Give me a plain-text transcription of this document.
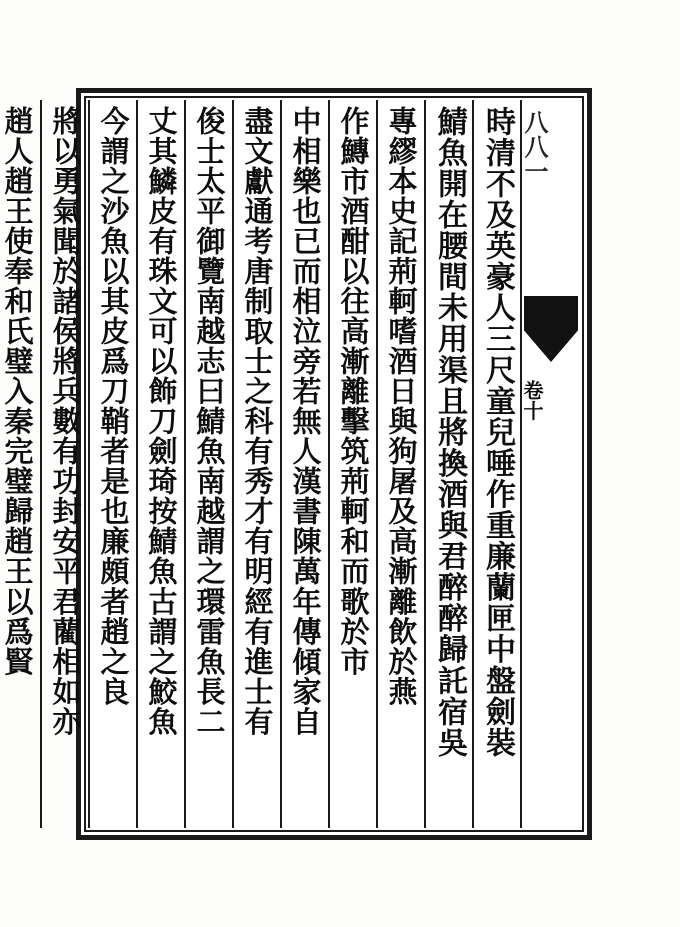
八八一
卷十
時清不及英豪人三尺童兒唾作重廉蘭匣中盤劍裝
鯖魚開在腰間未用渠且將換酒與君醉醉歸託宿吳
專繆本史記荊軻嗜酒日與狗屠及高漸離飲於燕
作鱄市酒酣以往高漸離擊筑荊軻和而歌於市
中相樂也已而相泣旁若無人漢書陳萬年傳傾家自
盡文獻通考唐制取士之科有秀才有明經有進士有
俊士太平御覽南越志曰鯖魚南越謂之環雷魚長二
丈其鱗皮有珠文可以飾刀劍琦按鯖魚古謂之鮫魚
今謂之沙魚以其皮爲刀鞘者是也廉頗者趙之良
將以勇氣聞於諸侯將兵數有功封安平君藺相如亦
趙人趙王使奉和氏璧入秦完璧歸趙王以爲賢
